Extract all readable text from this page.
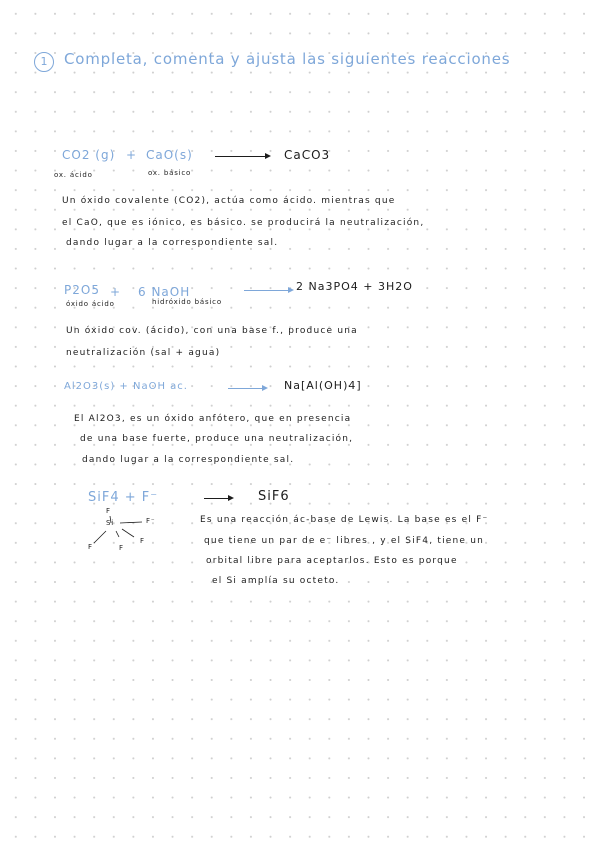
1	Completa, comenta y ajusta las siguientes reacciones
CO2 (g) + CaO(s)	CaCO3
ox. ácido	ox. básico
Un óxido covalente (CO2), actúa como ácido. mientras que
el CaO, que es iónico, es básico. se producirá la neutralización,
dando lugar a la correspondiente sal.
P2O5 + 6 NaOH	2 Na3PO4 + 3H2O
óxido ácido	hidróxido básico
Un óxido cov. (ácido), con una base f., produce una
neutralización (sal + agua)
Al2O3(s) + NaOH ac.	Na[Al(OH)4]
El Al2O3, es un óxido anfótero, que en presencia
de una base fuerte, produce una neutralización,
dando lugar a la correspondiente sal.
SiF4 + F⁻	SiF6
Si	F⁻
F
F
F
F
Es una reacción ác-base de Lewis. La base es el F⁻
que tiene un par de e⁻ libres , y el SiF4, tiene un
orbital libre para aceptarlos. Esto es porque
el Si amplía su octeto.
